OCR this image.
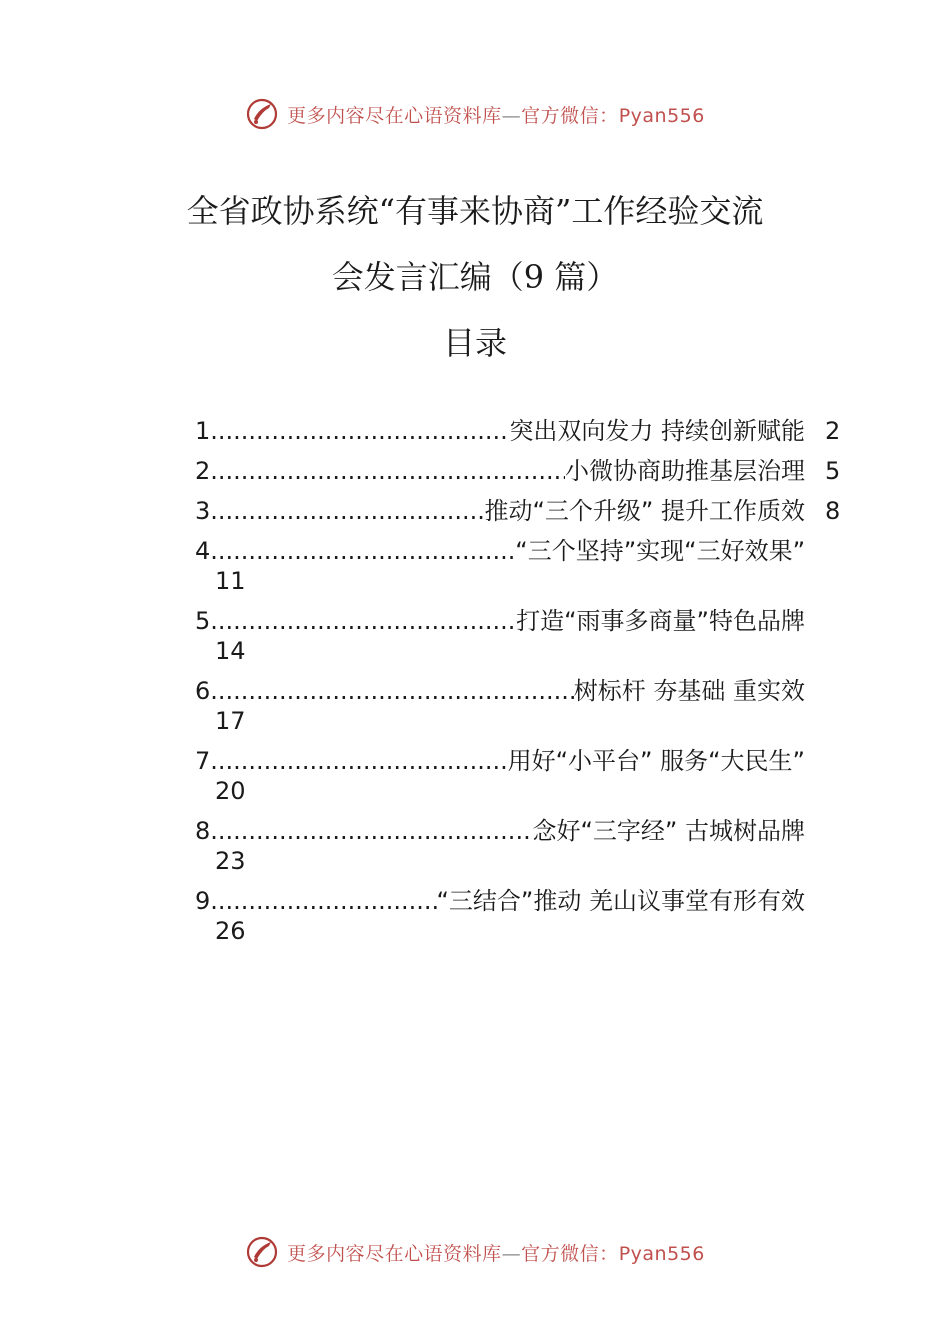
更多内容尽在心语资料库—官方微信：Pyan556
全省政协系统“有事来协商”工作经验交流
会发言汇编（9 篇）
目录
1 .....	突出双向发力 持续创新赋能 2
2 .....	小微协商助推基层治理 5
3 .....	推动“三个升级” 提升工作质效 8
4 .....	“三个坚持”实现“三好效果”
11
5 .....	打造“雨事多商量”特色品牌
14
6 .....	树标杆 夯基础 重实效
17
7 .....	用好“小平台” 服务“大民生”
20
8 .....	念好“三字经” 古城树品牌
23
9 .....	“三结合”推动 羌山议事堂有形有效
26
更多内容尽在心语资料库—官方微信：Pyan556
